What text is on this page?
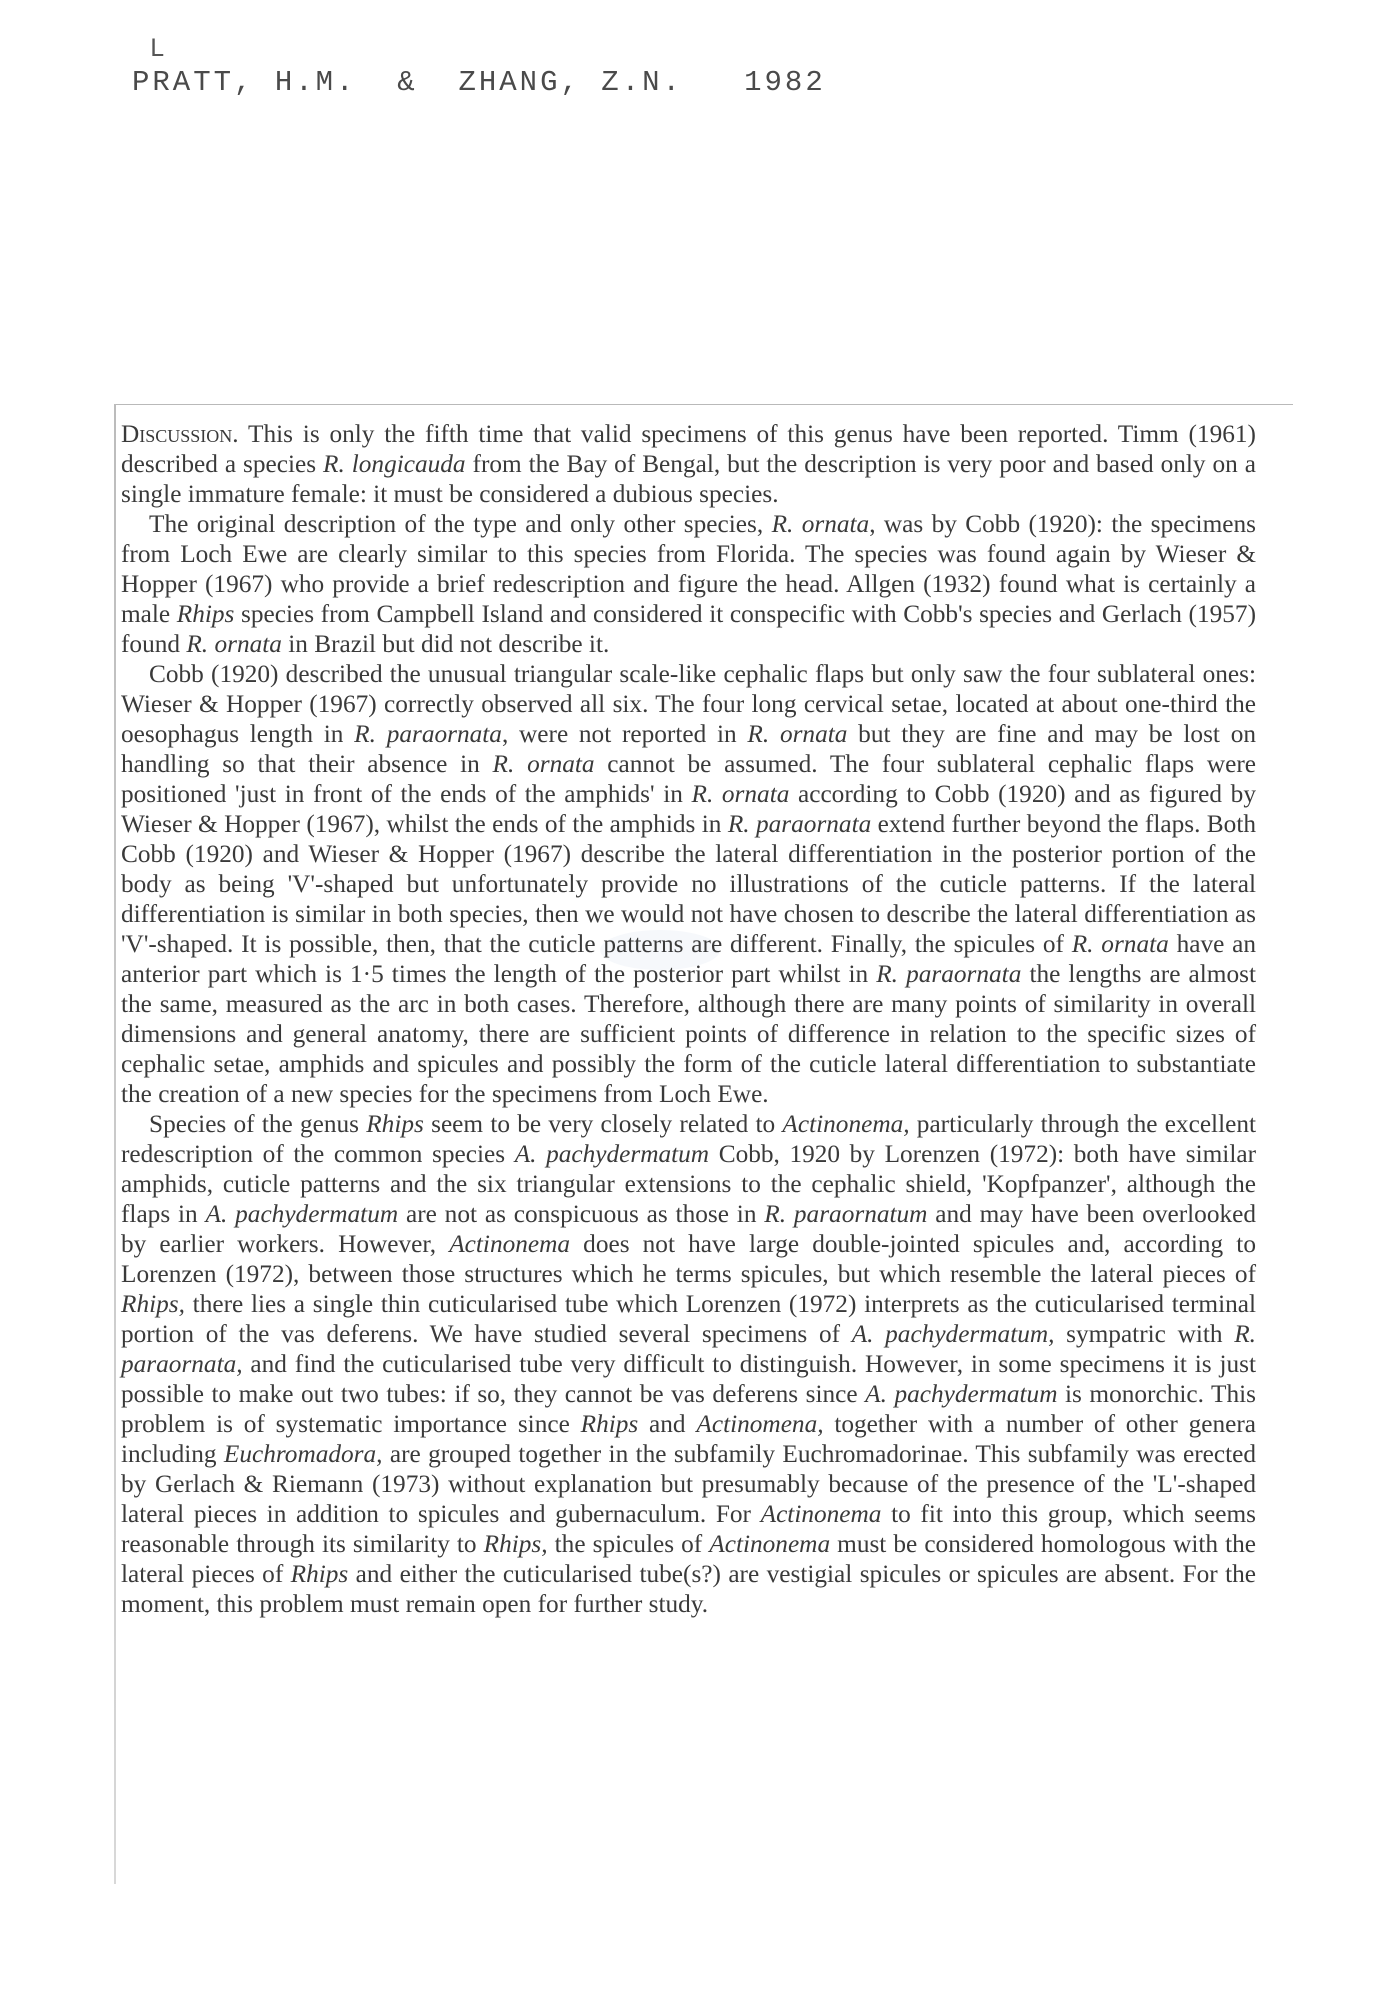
L
PRATT, H.M. & ZHANG, Z.N. 1982

Discussion. This is only the fifth time that valid specimens of this genus have been reported. Timm (1961) described a species R. longicauda from the Bay of Bengal, but the description is very poor and based only on a single immature female: it must be considered a dubious species.

The original description of the type and only other species, R. ornata, was by Cobb (1920): the specimens from Loch Ewe are clearly similar to this species from Florida. The species was found again by Wieser & Hopper (1967) who provide a brief redescription and figure the head. Allgen (1932) found what is certainly a male Rhips species from Campbell Island and considered it conspecific with Cobb's species and Gerlach (1957) found R. ornata in Brazil but did not describe it.

Cobb (1920) described the unusual triangular scale-like cephalic flaps but only saw the four sublateral ones: Wieser & Hopper (1967) correctly observed all six. The four long cervical setae, located at about one-third the oesophagus length in R. paraornata, were not reported in R. ornata but they are fine and may be lost on handling so that their absence in R. ornata cannot be assumed. The four sublateral cephalic flaps were positioned 'just in front of the ends of the amphids' in R. ornata according to Cobb (1920) and as figured by Wieser & Hopper (1967), whilst the ends of the amphids in R. paraornata extend further beyond the flaps. Both Cobb (1920) and Wieser & Hopper (1967) describe the lateral differentiation in the posterior portion of the body as being 'V'-shaped but unfortunately provide no illustrations of the cuticle patterns. If the lateral differentiation is similar in both species, then we would not have chosen to describe the lateral differentiation as 'V'-shaped. It is possible, then, that the cuticle patterns are different. Finally, the spicules of R. ornata have an anterior part which is 1·5 times the length of the posterior part whilst in R. paraornata the lengths are almost the same, measured as the arc in both cases. Therefore, although there are many points of similarity in overall dimensions and general anatomy, there are sufficient points of difference in relation to the specific sizes of cephalic setae, amphids and spicules and possibly the form of the cuticle lateral differentiation to substantiate the creation of a new species for the specimens from Loch Ewe.

Species of the genus Rhips seem to be very closely related to Actinonema, particularly through the excellent redescription of the common species A. pachydermatum Cobb, 1920 by Lorenzen (1972): both have similar amphids, cuticle patterns and the six triangular extensions to the cephalic shield, 'Kopfpanzer', although the flaps in A. pachydermatum are not as conspicuous as those in R. paraornatum and may have been overlooked by earlier workers. However, Actinonema does not have large double-jointed spicules and, according to Lorenzen (1972), between those structures which he terms spicules, but which resemble the lateral pieces of Rhips, there lies a single thin cuticularised tube which Lorenzen (1972) interprets as the cuticularised terminal portion of the vas deferens. We have studied several specimens of A. pachydermatum, sympatric with R. paraornata, and find the cuticularised tube very difficult to distinguish. However, in some specimens it is just possible to make out two tubes: if so, they cannot be vas deferens since A. pachydermatum is monorchic. This problem is of systematic importance since Rhips and Actinomena, together with a number of other genera including Euchromadora, are grouped together in the subfamily Euchromadorinae. This subfamily was erected by Gerlach & Riemann (1973) without explanation but presumably because of the presence of the 'L'-shaped lateral pieces in addition to spicules and gubernaculum. For Actinonema to fit into this group, which seems reasonable through its similarity to Rhips, the spicules of Actinonema must be considered homologous with the lateral pieces of Rhips and either the cuticularised tube(s?) are vestigial spicules or spicules are absent. For the moment, this problem must remain open for further study.
